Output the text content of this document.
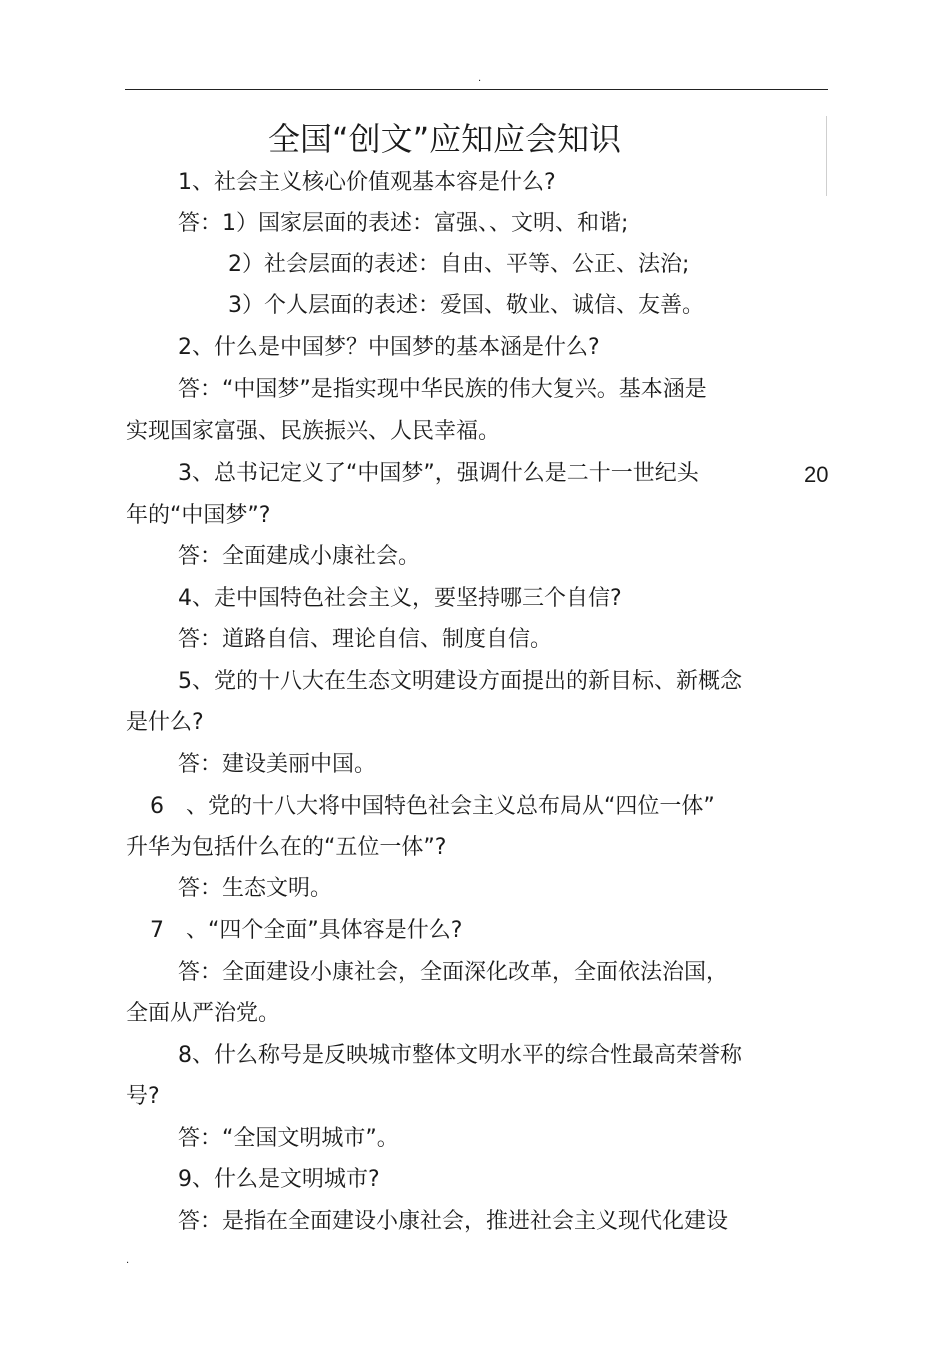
.
全国“创文”应知应会知识
1、社会主义核心价值观基本容是什么?
答：1）国家层面的表述：富强、、文明、和谐;
2）社会层面的表述：自由、平等、公正、法治;
3）个人层面的表述：爱国、敬业、诚信、友善。
2、什么是中国梦？中国梦的基本涵是什么?
答：“中国梦”是指实现中华民族的伟大复兴。基本涵是
实现国家富强、民族振兴、人民幸福。
3、总书记定义了“中国梦”，强调什么是二十一世纪头	20
年的“中国梦”?
答：全面建成小康社会。
4、走中国特色社会主义，要坚持哪三个自信?
答：道路自信、理论自信、制度自信。
5、党的十八大在生态文明建设方面提出的新目标、新概念
是什么?
答：建设美丽中国。
6　、党的十八大将中国特色社会主义总布局从“四位一体”
升华为包括什么在的“五位一体”?
答：生态文明。
7　、“四个全面”具体容是什么?
答：全面建设小康社会，全面深化改革，全面依法治国，
全面从严治党。
8、什么称号是反映城市整体文明水平的综合性最高荣誉称
号?
答：“全国文明城市”。
9、什么是文明城市?
答：是指在全面建设小康社会，推进社会主义现代化建设
.
